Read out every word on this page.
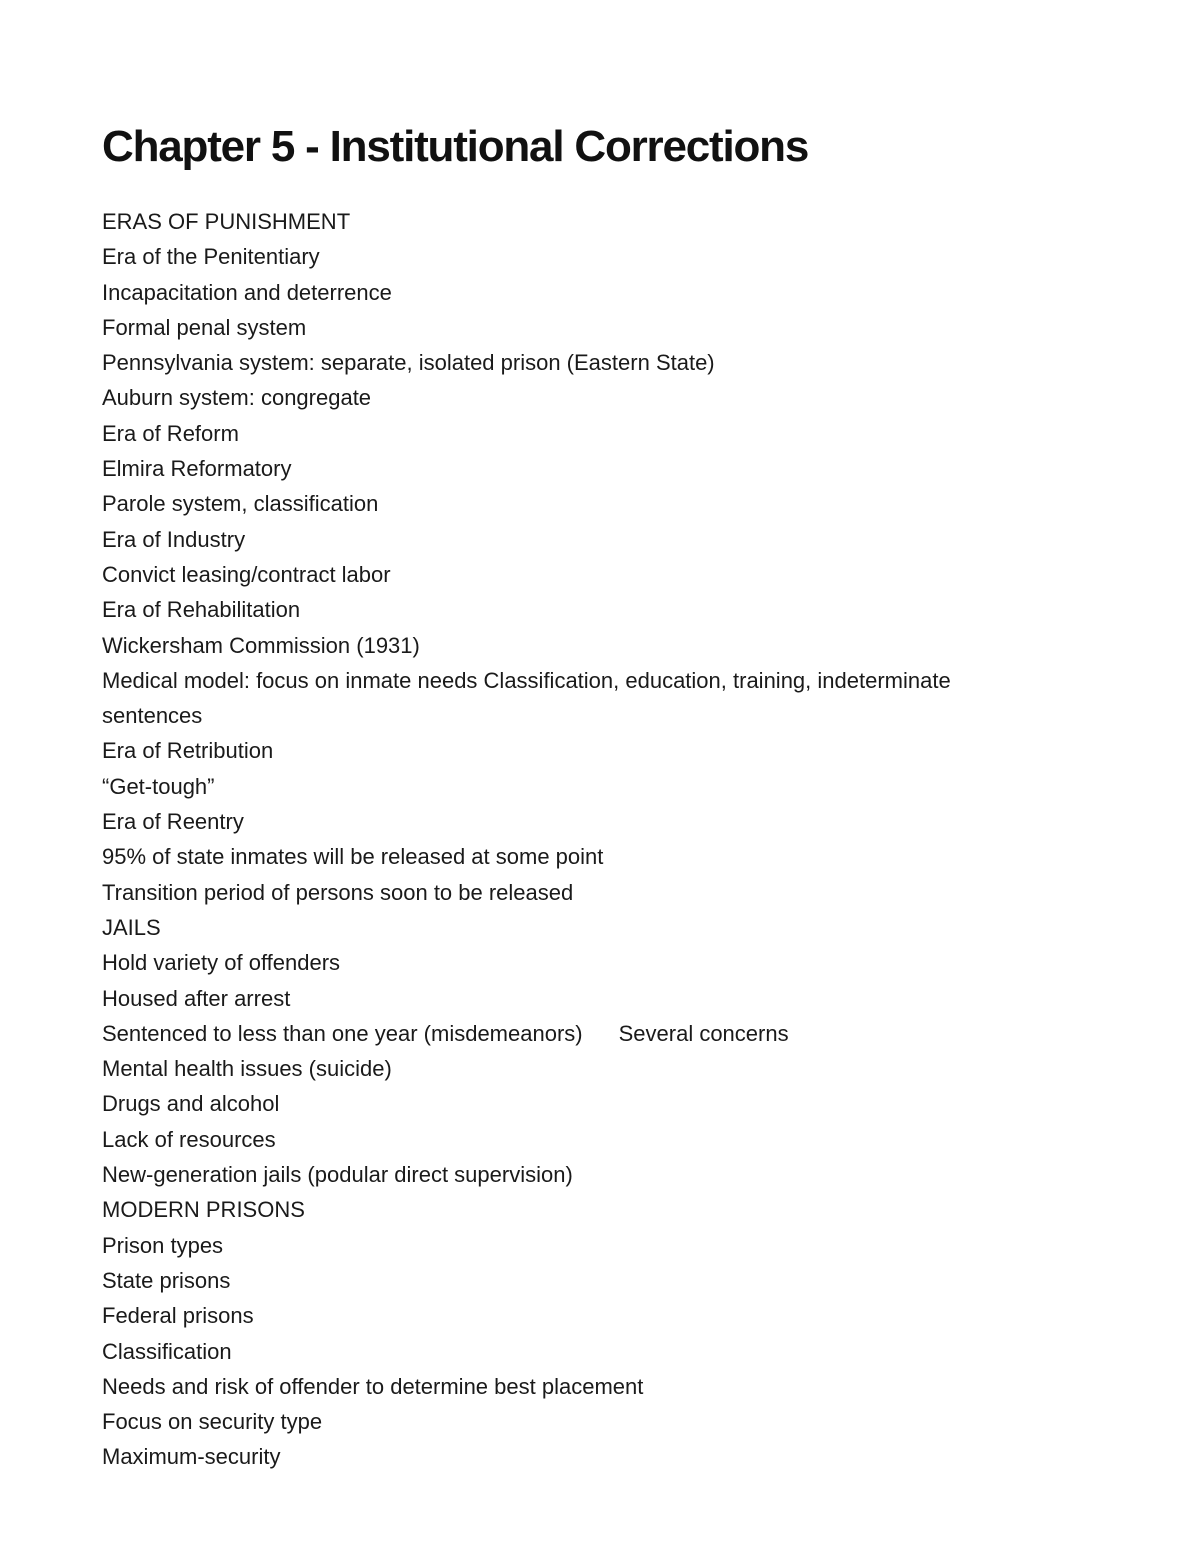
Chapter 5 - Institutional Corrections
ERAS OF PUNISHMENT
Era of the Penitentiary
Incapacitation and deterrence
Formal penal system
Pennsylvania system: separate, isolated prison (Eastern State)
Auburn system: congregate
Era of Reform
Elmira Reformatory
Parole system, classification
Era of Industry
Convict leasing/contract labor
Era of Rehabilitation
Wickersham Commission (1931)
Medical model: focus on inmate needs Classification, education, training, indeterminate
sentences
Era of Retribution
“Get-tough”
Era of Reentry
95% of state inmates will be released at some point
Transition period of persons soon to be released
JAILS
Hold variety of offenders
Housed after arrest
Sentenced to less than one year (misdemeanors) Several concerns
Mental health issues (suicide)
Drugs and alcohol
Lack of resources
New-generation jails (podular direct supervision)
MODERN PRISONS
Prison types
State prisons
Federal prisons
Classification
Needs and risk of offender to determine best placement
Focus on security type
Maximum-security
